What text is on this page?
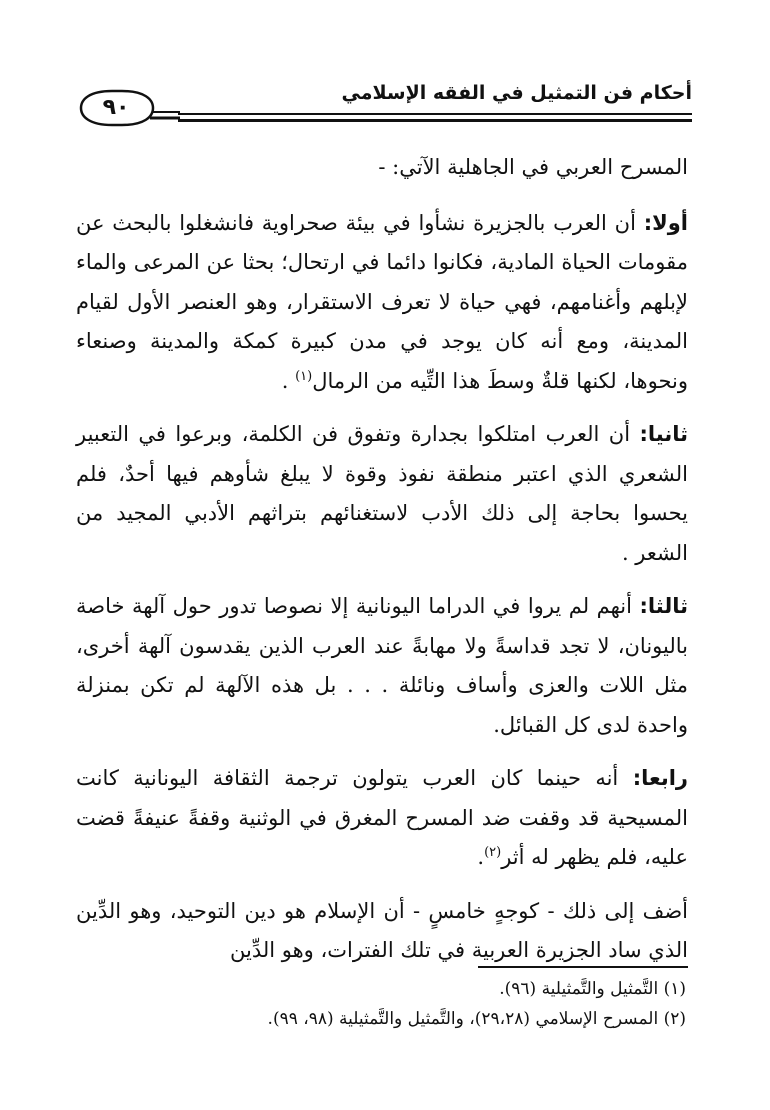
٩٠
أحكام فن التمثيل في الفقه الإسلامي

المسرح العربي في الجاهلية الآتي: -

أولا: أن العرب بالجزيرة نشأوا في بيئة صحراوية فانشغلوا بالبحث عن مقومات الحياة المادية، فكانوا دائما في ارتحال؛ بحثا عن المرعى والماء لإبلهم وأغنامهم، فهي حياة لا تعرف الاستقرار، وهو العنصر الأول لقيام المدينة، ومع أنه كان يوجد في مدن كبيرة كمكة والمدينة وصنعاء ونحوها، لكنها قلةٌ وسطَ هذا التِّيه من الرمال$^{(١)}$ .

ثانيا: أن العرب امتلكوا بجدارة وتفوق فن الكلمة، وبرعوا في التعبير الشعري الذي اعتبر منطقة نفوذ وقوة لا يبلغ شأوهم فيها أحدٌ، فلم يحسوا بحاجة إلى ذلك الأدب لاستغنائهم بتراثهم الأدبي المجيد من الشعر .

ثالثا: أنهم لم يروا في الدراما اليونانية إلا نصوصا تدور حول آلهة خاصة باليونان، لا تجد قداسةً ولا مهابةً عند العرب الذين يقدسون آلهة أخرى، مثل اللات والعزى وأساف ونائلة . . . بل هذه الآلهة لم تكن بمنزلة واحدة لدى كل القبائل.

رابعا: أنه حينما كان العرب يتولون ترجمة الثقافة اليونانية كانت المسيحية قد وقفت ضد المسرح المغرق في الوثنية وقفةً عنيفةً قضت عليه، فلم يظهر له أثر$^{(٢)}$.

أضف إلى ذلك - كوجهٍ خامسٍ - أن الإسلام هو دين التوحيد، وهو الدِّين الذي ساد الجزيرة العربية في تلك الفترات، وهو الدِّين

(١) التَّمثيل والتَّمثيلية (٩٦).
(٢) المسرح الإسلامي (٢٩،٢٨)، والتَّمثيل والتَّمثيلية (٩٨، ٩٩).
